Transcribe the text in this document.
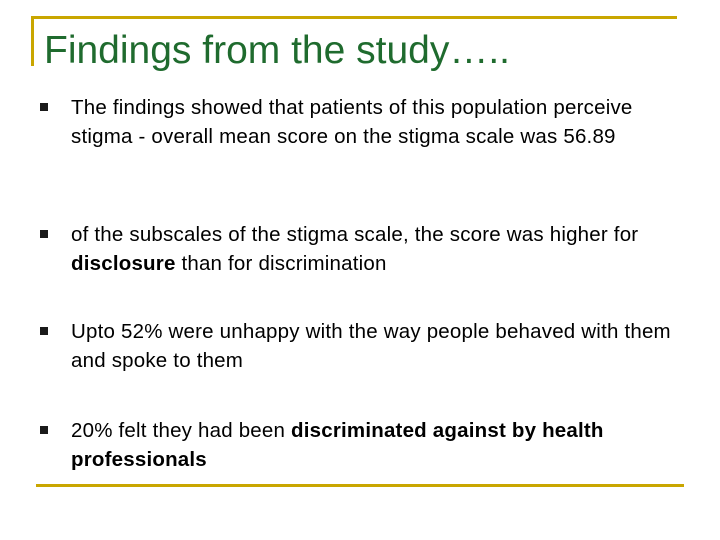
Findings from the study…..
The findings showed that patients of this population perceive stigma - overall mean score on the stigma scale was 56.89
of the subscales of the stigma scale, the score was higher for disclosure than for discrimination
Upto 52% were unhappy with the way people behaved with them and spoke to them
20% felt they had been discriminated against by health professionals
